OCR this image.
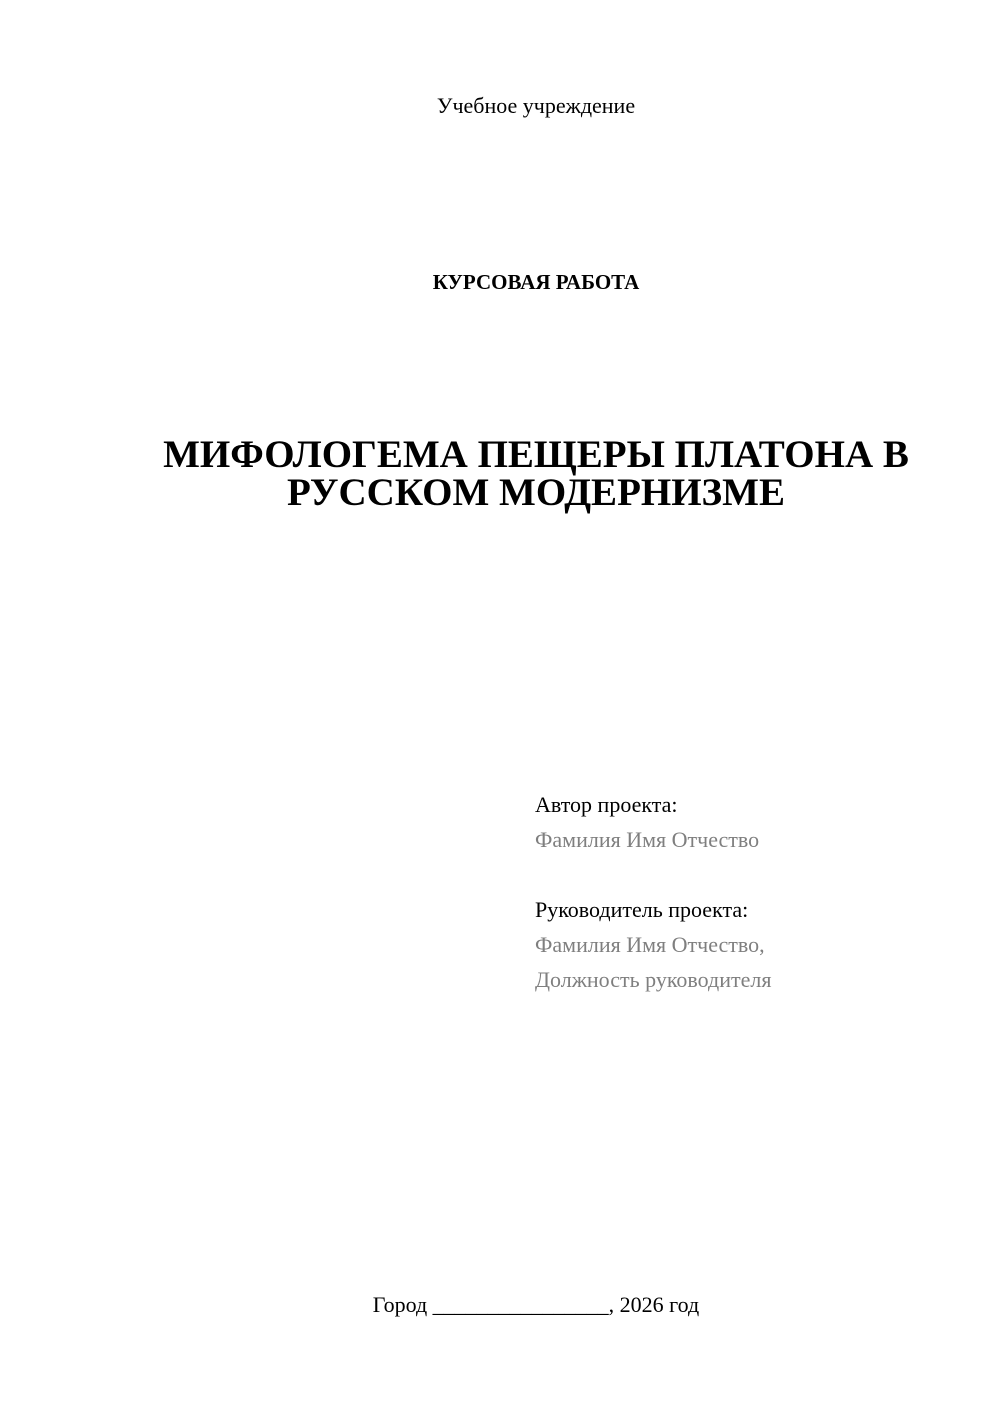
Учебное учреждение
КУРСОВАЯ РАБОТА
МИФОЛОГЕМА ПЕЩЕРЫ ПЛАТОНА В
РУССКОМ МОДЕРНИЗМЕ
Автор проекта:
Фамилия Имя Отчество
Руководитель проекта:
Фамилия Имя Отчество,
Должность руководителя
Город ________________, 2026 год
